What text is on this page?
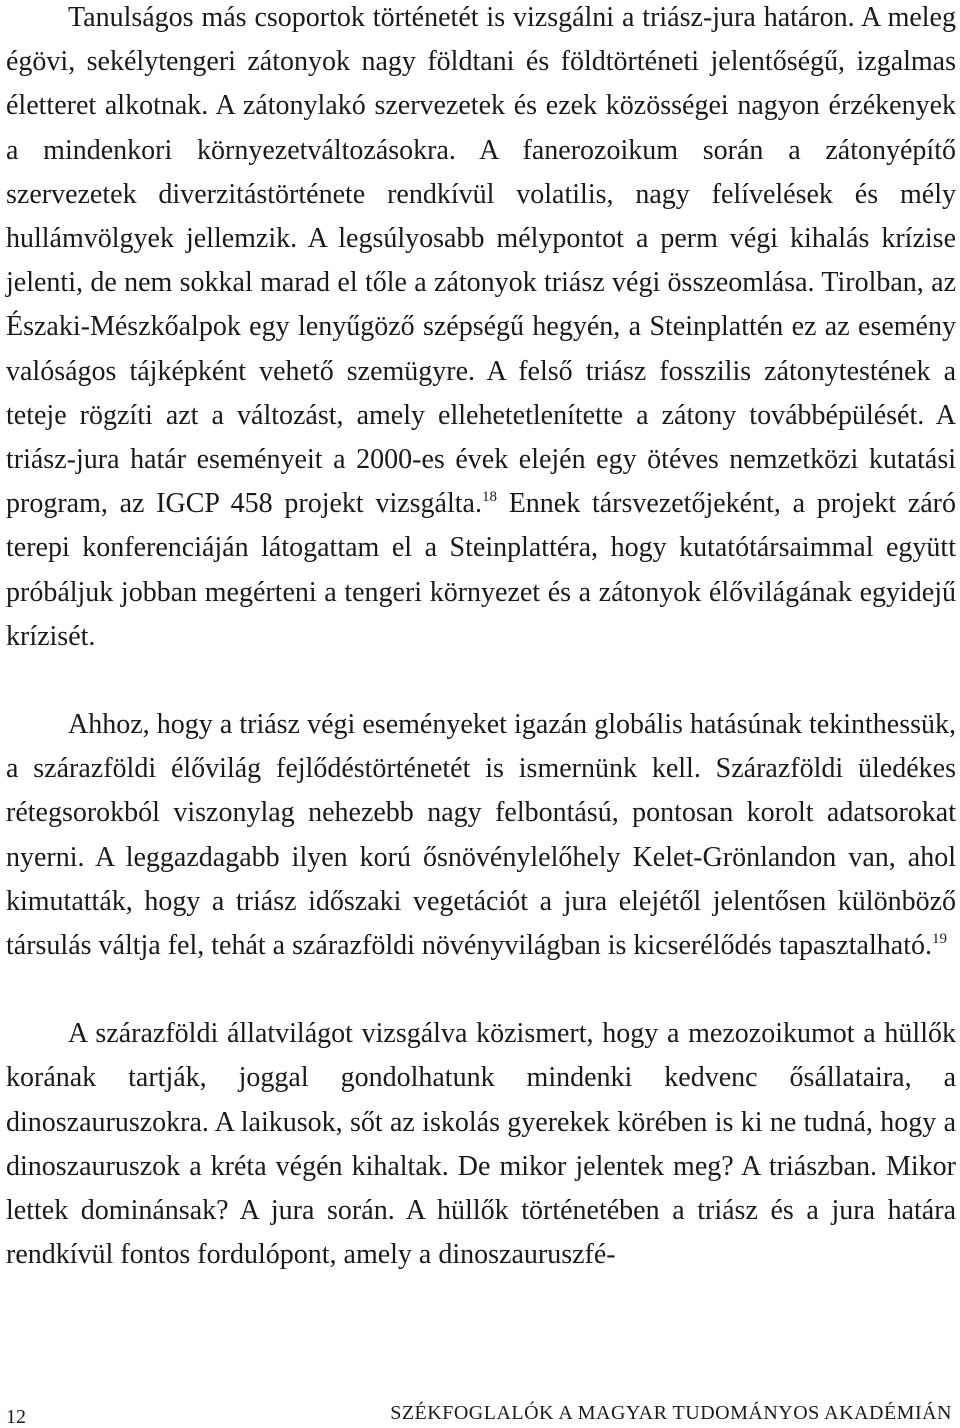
Tanulságos más csoportok történetét is vizsgálni a triász-jura határon. A meleg égövi, sekélytengeri zátonyok nagy földtani és földtörténeti jelentőségű, izgalmas életteret alkotnak. A zátonylakó szervezetek és ezek közösségei nagyon érzékenyek a mindenkori környezetváltozásokra. A fanerozoikum során a zátonyépítő szervezetek diverzitástörténete rendkívül volatilis, nagy felívelések és mély hullámvölgyek jellemzik. A legsúlyosabb mélypontot a perm végi kihalás krízise jelenti, de nem sokkal marad el tőle a zátonyok triász végi összeomlása. Tirolban, az Északi-Mészkőalpok egy lenyűgöző szépségű hegyén, a Steinplattén ez az esemény valóságos tájképként vehető szemügyre. A felső triász fosszilis zátonytestének a teteje rögzíti azt a változást, amely ellehetetlenítette a zátony továbbépülését. A triász-jura határ eseményeit a 2000-es évek elején egy ötéves nemzetközi kutatási program, az IGCP 458 projekt vizsgálta.$^{18}$ Ennek társvezetőjeként, a projekt záró terepi konferenciáján látogattam el a Steinplattéra, hogy kutatótársaimmal együtt próbáljuk jobban megérteni a tengeri környezet és a zátonyok élővilágának egyidejű krízisét.

Ahhoz, hogy a triász végi eseményeket igazán globális hatásúnak tekinthessük, a szárazföldi élővilág fejlődéstörténetét is ismernünk kell. Szárazföldi üledékes rétegsorokból viszonylag nehezebb nagy felbontású, pontosan korolt adatsorokat nyerni. A leggazdagabb ilyen korú ősnövénylelőhely Kelet-Grönlandon van, ahol kimutatták, hogy a triász időszaki vegetációt a jura elejétől jelentősen különböző társulás váltja fel, tehát a szárazföldi növényvilágban is kicserélődés tapasztalható.$^{19}$

A szárazföldi állatvilágot vizsgálva közismert, hogy a mezozoikumot a hüllők korának tartják, joggal gondolhatunk mindenki kedvenc ősállataira, a dinoszauruszokra. A laikusok, sőt az iskolás gyerekek körében is ki ne tudná, hogy a dinoszauruszok a kréta végén kihaltak. De mikor jelentek meg? A triászban. Mikor lettek dominánsak? A jura során. A hüllők történetében a triász és a jura határa rendkívül fontos fordulópont, amely a dinoszauruszfé-

12	SZÉKFOGLALÓK A MAGYAR TUDOMÁNYOS AKADÉMIÁN
